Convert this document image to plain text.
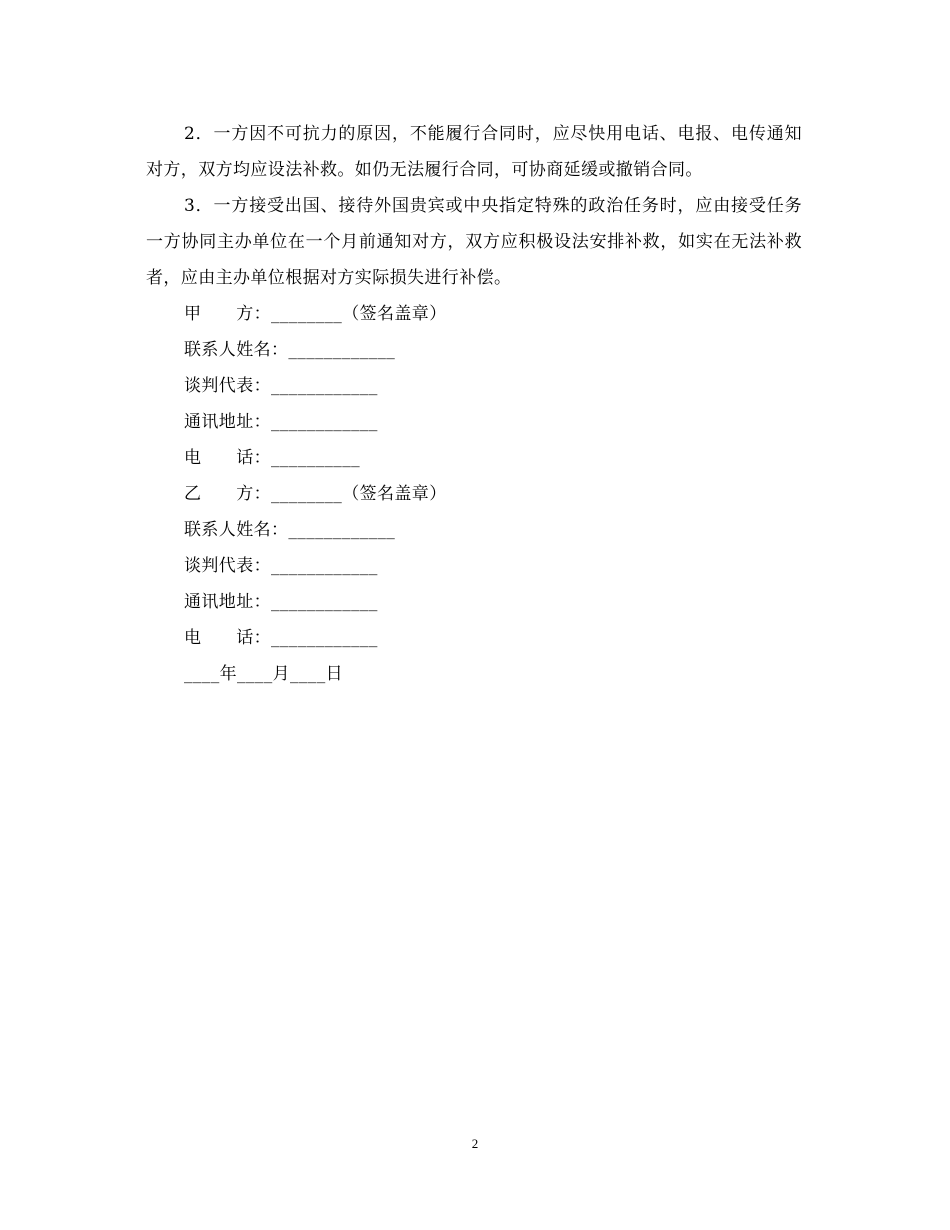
2．一方因不可抗力的原因，不能履行合同时，应尽快用电话、电报、电传通知对方，双方均应设法补救。如仍无法履行合同，可协商延缓或撤销合同。

3．一方接受出国、接待外国贵宾或中央指定特殊的政治任务时，应由接受任务一方协同主办单位在一个月前通知对方，双方应积极设法安排补救，如实在无法补救者，应由主办单位根据对方实际损失进行补偿。

甲　　方：________（签名盖章）

联系人姓名：____________

谈判代表：____________

通讯地址：____________

电　　话：__________

乙　　方：________（签名盖章）

联系人姓名：____________

谈判代表：____________

通讯地址：____________

电　　话：____________

____年____月____日

2
